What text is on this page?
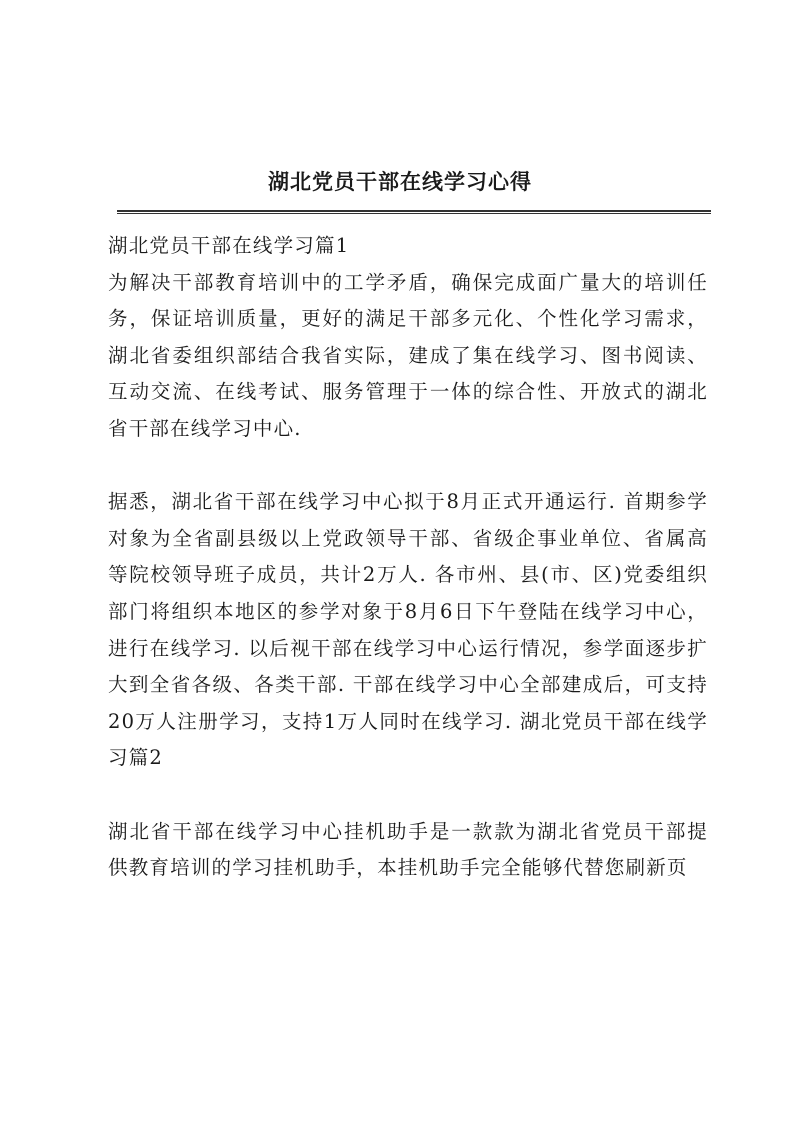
湖北党员干部在线学习心得

湖北党员干部在线学习篇1

为解决干部教育培训中的工学矛盾，确保完成面广量大的培训任务，保证培训质量，更好的满足干部多元化、个性化学习需求，湖北省委组织部结合我省实际，建成了集在线学习、图书阅读、互动交流、在线考试、服务管理于一体的综合性、开放式的湖北省干部在线学习中心.

据悉，湖北省干部在线学习中心拟于8月正式开通运行. 首期参学对象为全省副县级以上党政领导干部、省级企事业单位、省属高等院校领导班子成员，共计2万人. 各市州、县(市、区)党委组织部门将组织本地区的参学对象于8月6日下午登陆在线学习中心，进行在线学习. 以后视干部在线学习中心运行情况，参学面逐步扩大到全省各级、各类干部. 干部在线学习中心全部建成后，可支持20万人注册学习，支持1万人同时在线学习. 湖北党员干部在线学习篇2

湖北省干部在线学习中心挂机助手是一款款为湖北省党员干部提供教育培训的学习挂机助手，本挂机助手完全能够代替您刷新页
